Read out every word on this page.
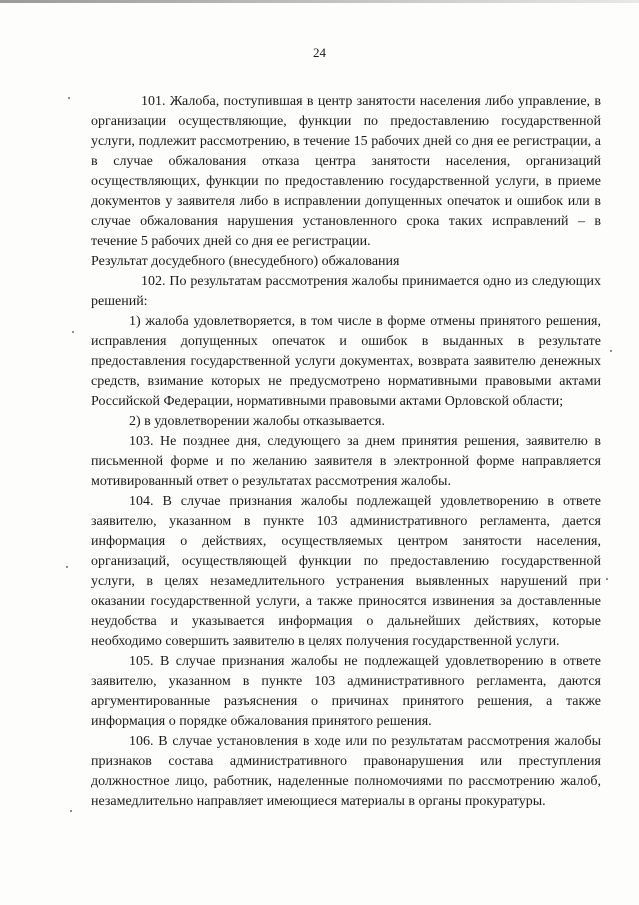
24

101. Жалоба, поступившая в центр занятости населения либо управление, в организации осуществляющие, функции по предоставлению государственной услуги, подлежит рассмотрению, в течение 15 рабочих дней со дня ее регистрации, а в случае обжалования отказа центра занятости населения, организаций осуществляющих, функции по предоставлению государственной услуги, в приеме документов у заявителя либо в исправлении допущенных опечаток и ошибок или в случае обжалования нарушения установленного срока таких исправлений – в течение 5 рабочих дней со дня ее регистрации.

Результат досудебного (внесудебного) обжалования

102. По результатам рассмотрения жалобы принимается одно из следующих решений:

1) жалоба удовлетворяется, в том числе в форме отмены принятого решения, исправления допущенных опечаток и ошибок в выданных в результате предоставления государственной услуги документах, возврата заявителю денежных средств, взимание которых не предусмотрено нормативными правовыми актами Российской Федерации, нормативными правовыми актами Орловской области;

2) в удовлетворении жалобы отказывается.

103. Не позднее дня, следующего за днем принятия решения, заявителю в письменной форме и по желанию заявителя в электронной форме направляется мотивированный ответ о результатах рассмотрения жалобы.

104. В случае признания жалобы подлежащей удовлетворению в ответе заявителю, указанном в пункте 103 административного регламента, дается информация о действиях, осуществляемых центром занятости населения, организаций, осуществляющей функции по предоставлению государственной услуги, в целях незамедлительного устранения выявленных нарушений при оказании государственной услуги, а также приносятся извинения за доставленные неудобства и указывается информация о дальнейших действиях, которые необходимо совершить заявителю в целях получения государственной услуги.

105. В случае признания жалобы не подлежащей удовлетворению в ответе заявителю, указанном в пункте 103 административного регламента, даются аргументированные разъяснения о причинах принятого решения, а также информация о порядке обжалования принятого решения.

106. В случае установления в ходе или по результатам рассмотрения жалобы признаков состава административного правонарушения или преступления должностное лицо, работник, наделенные полномочиями по рассмотрению жалоб, незамедлительно направляет имеющиеся материалы в органы прокуратуры.
